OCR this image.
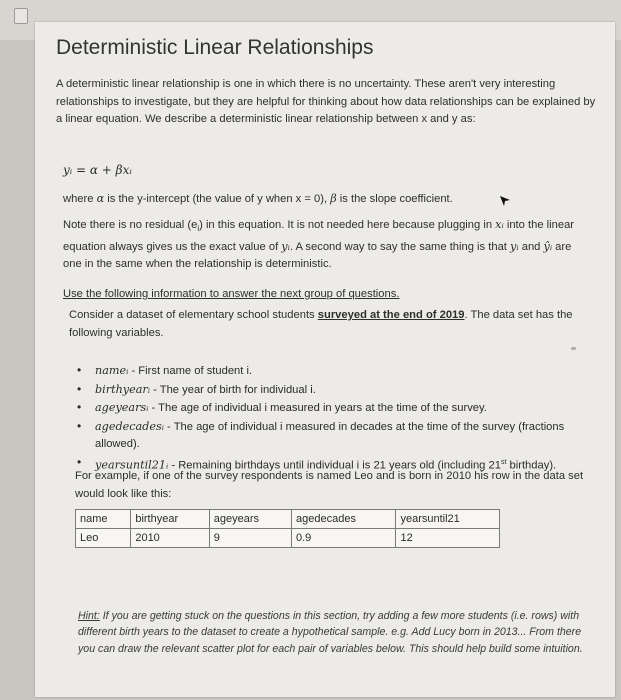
Deterministic Linear Relationships

A deterministic linear relationship is one in which there is no uncertainty. These aren't very interesting relationships to investigate, but they are helpful for thinking about how data relationships can be explained by a linear equation. We describe a deterministic linear relationship between x and y as:

yᵢ = α + βxᵢ

where α is the y-intercept (the value of y when x = 0), β is the slope coefficient.

Note there is no residual $(e_i)$ in this equation. It is not needed here because plugging in xᵢ into the linear equation always gives us the exact value of yᵢ. A second way to say the same thing is that yᵢ and ŷᵢ are one in the same when the relationship is deterministic.

Use the following information to answer the next group of questions.

Consider a dataset of elementary school students surveyed at the end of 2019. The data set has the following variables.

• nameᵢ - First name of student i.
• birthyearᵢ - The year of birth for individual i.
• ageyearsᵢ - The age of individual i measured in years at the time of the survey.
• agedecadesᵢ - The age of individual i measured in decades at the time of the survey (fractions allowed).
• yearsuntil21ᵢ - Remaining birthdays until individual i is 21 years old (including 21st birthday).

For example, if one of the survey respondents is named Leo and is born in 2010 his row in the data set would look like this:

name	birthyear	ageyears	agedecades	yearsuntil21
Leo	2010	9	0.9	12

Hint: If you are getting stuck on the questions in this section, try adding a few more students (i.e. rows) with different birth years to the dataset to create a hypothetical sample. e.g. Add Lucy born in 2013... From there you can draw the relevant scatter plot for each pair of variables below. This should help build some intuition.
